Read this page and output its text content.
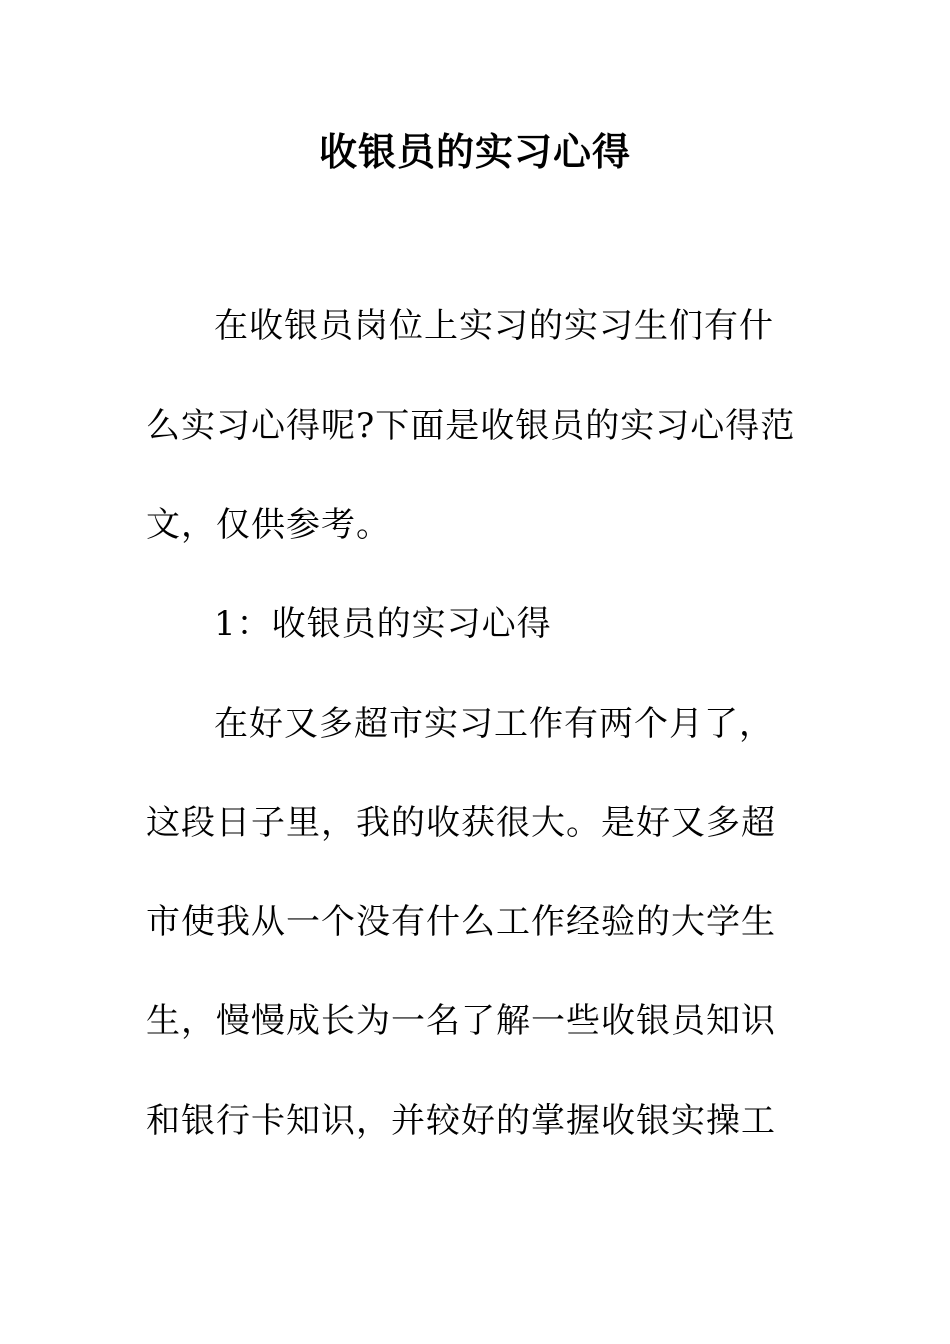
收银员的实习心得
在收银员岗位上实习的实习生们有什
么实习心得呢?下面是收银员的实习心得范
文，仅供参考。
1：收银员的实习心得
在好又多超市实习工作有两个月了，
这段日子里，我的收获很大。是好又多超
市使我从一个没有什么工作经验的大学生
生，慢慢成长为一名了解一些收银员知识
和银行卡知识，并较好的掌握收银实操工
